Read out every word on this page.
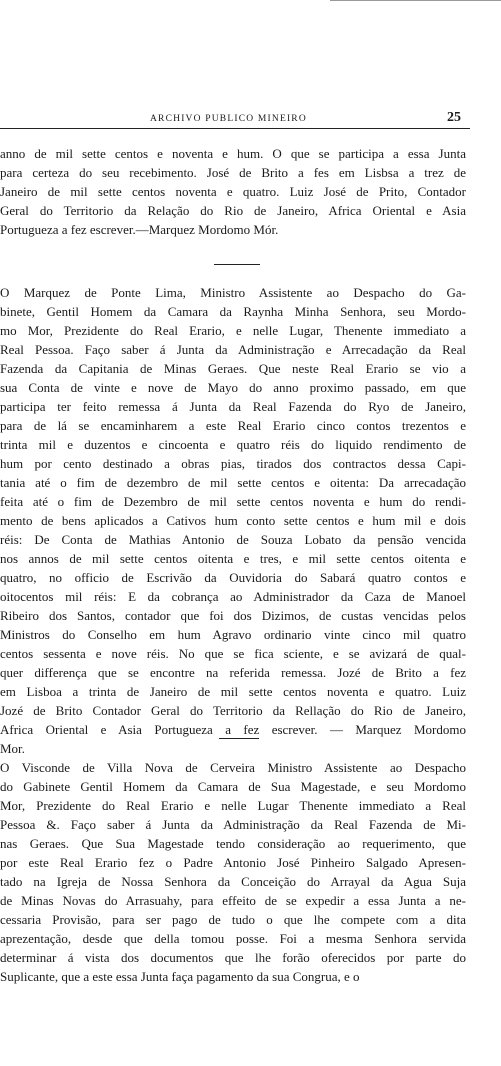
ARCHIVO PUBLICO MINEIRO	25
anno de mil sette centos e noventa e hum. O que se participa a essa Junta
para certeza do seu recebimento. José de Brito a fes em Lisbsa a trez de
Janeiro de mil sette centos noventa e quatro. Luiz José de Prito, Contador
Geral do Territorio da Relação do Rio de Janeiro, Africa Oriental e Asia
Portugueza a fez escrever.—Marquez Mordomo Mór.
O Marquez de Ponte Lima, Ministro Assistente ao Despacho do Ga-
binete, Gentil Homem da Camara da Raynha Minha Senhora, seu Mordo-
mo Mor, Prezidente do Real Erario, e nelle Lugar, Thenente immediato a
Real Pessoa. Faço saber á Junta da Administração e Arrecadação da Real
Fazenda da Capitania de Minas Geraes. Que neste Real Erario se vio a
sua Conta de vinte e nove de Mayo do anno proximo passado, em que
participa ter feito remessa á Junta da Real Fazenda do Ryo de Janeiro,
para de lá se encaminharem a este Real Erario cinco contos trezentos e
trinta mil e duzentos e cincoenta e quatro réis do liquido rendimento de
hum por cento destinado a obras pias, tirados dos contractos dessa Capi-
tania até o fim de dezembro de mil sette centos e oitenta: Da arrecadação
feita até o fim de Dezembro de mil sette centos noventa e hum do rendi-
mento de bens aplicados a Cativos hum conto sette centos e hum mil e dois
réis: De Conta de Mathias Antonio de Souza Lobato da pensão vencida
nos annos de mil sette centos oitenta e tres, e mil sette centos oitenta e
quatro, no officio de Escrivão da Ouvidoria do Sabará quatro contos e
oitocentos mil réis: E da cobrança ao Administrador da Caza de Manoel
Ribeiro dos Santos, contador que foi dos Dizimos, de custas vencidas pelos
Ministros do Conselho em hum Agravo ordinario vinte cinco mil quatro
centos sessenta e nove réis. No que se fica sciente, e se avizará de qual-
quer differença que se encontre na referida remessa. Jozé de Brito a fez
em Lisboa a trinta de Janeiro de mil sette centos noventa e quatro. Luiz
Jozé de Brito Contador Geral do Territorio da Rellação do Rio de Janeiro,
Africa Oriental e Asia Portugueza a fez escrever. — Marquez Mordomo
Mor.
O Visconde de Villa Nova de Cerveira Ministro Assistente ao Despacho
do Gabinete Gentil Homem da Camara de Sua Magestade, e seu Mordomo
Mor, Prezidente do Real Erario e nelle Lugar Thenente immediato a Real
Pessoa &. Faço saber á Junta da Administração da Real Fazenda de Mi-
nas Geraes. Que Sua Magestade tendo consideração ao requerimento, que
por este Real Erario fez o Padre Antonio José Pinheiro Salgado Apresen-
tado na Igreja de Nossa Senhora da Conceição do Arrayal da Agua Suja
de Minas Novas do Arrasuahy, para effeito de se expedir a essa Junta a ne-
cessaria Provisão, para ser pago de tudo o que lhe compete com a dita
aprezentação, desde que della tomou posse. Foi a mesma Senhora servida
determinar á vista dos documentos que lhe forão oferecidos por parte do
Suplicante, que a este essa Junta faça pagamento da sua Congrua, e o
